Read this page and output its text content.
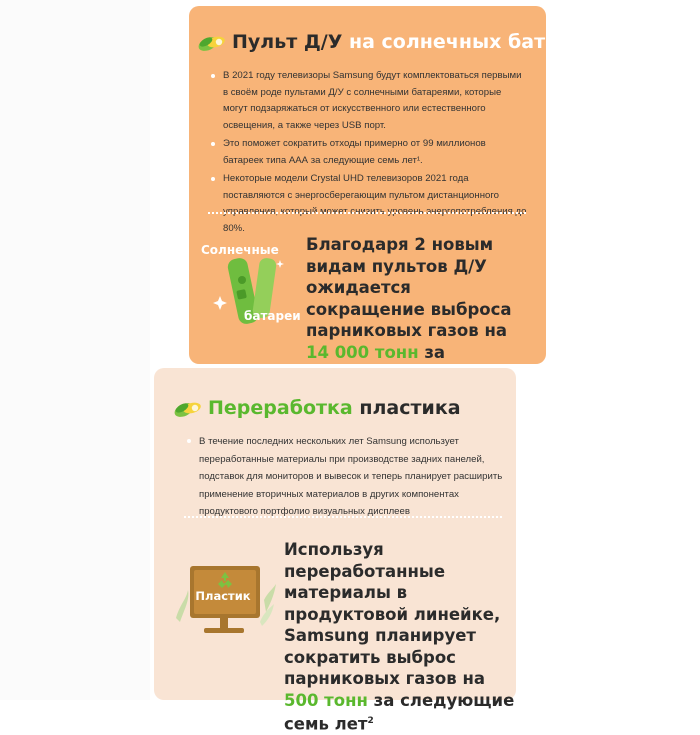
Пульт Д/У
на солнечных батареях
В 2021 году телевизоры Samsung будут комплектоваться первыми в своём роде пультами Д/У с солнечными батареями, которые могут подзаряжаться от искусственного или естественного освещения, а также через USB порт.
Это поможет сократить отходы примерно от 99 миллионов батареек типа ААА за следующие семь лет¹.
Некоторые модели Crystal UHD телевизоров 2021 года поставляются с энергосберегающим пультом дистанционного управления, который может снизить уровень энергопотребления до 80%.
Солнечные
батареи
Благодаря 2 новым видам пультов Д/У ожидается сокращение выброса парниковых газов на 14 000 тонн за
Переработка
пластика
В течение последних нескольких лет Samsung использует переработанные материалы при производстве задних панелей, подставок для мониторов и вывесок и теперь планирует расширить применение вторичных материалов в других компонентах продуктового портфолио визуальных дисплеев
Пластик
Используя переработанные материалы в продуктовой линейке, Samsung планирует сократить выброс парниковых газов на 500 тонн за следующие семь лет$^2$
